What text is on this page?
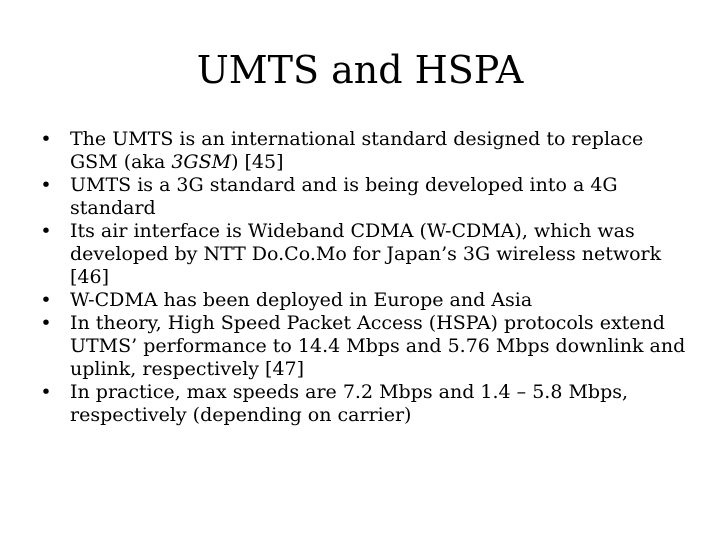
UMTS and HSPA
• The UMTS is an international standard designed to replace GSM (aka 3GSM) [45]
• UMTS is a 3G standard and is being developed into a 4G standard
• Its air interface is Wideband CDMA (W-CDMA), which was developed by NTT Do.Co.Mo for Japan’s 3G wireless network [46]
• W-CDMA has been deployed in Europe and Asia
• In theory, High Speed Packet Access (HSPA) protocols extend UTMS’ performance to 14.4 Mbps and 5.76 Mbps downlink and uplink, respectively [47]
• In practice, max speeds are 7.2 Mbps and 1.4 – 5.8 Mbps, respectively (depending on carrier)
